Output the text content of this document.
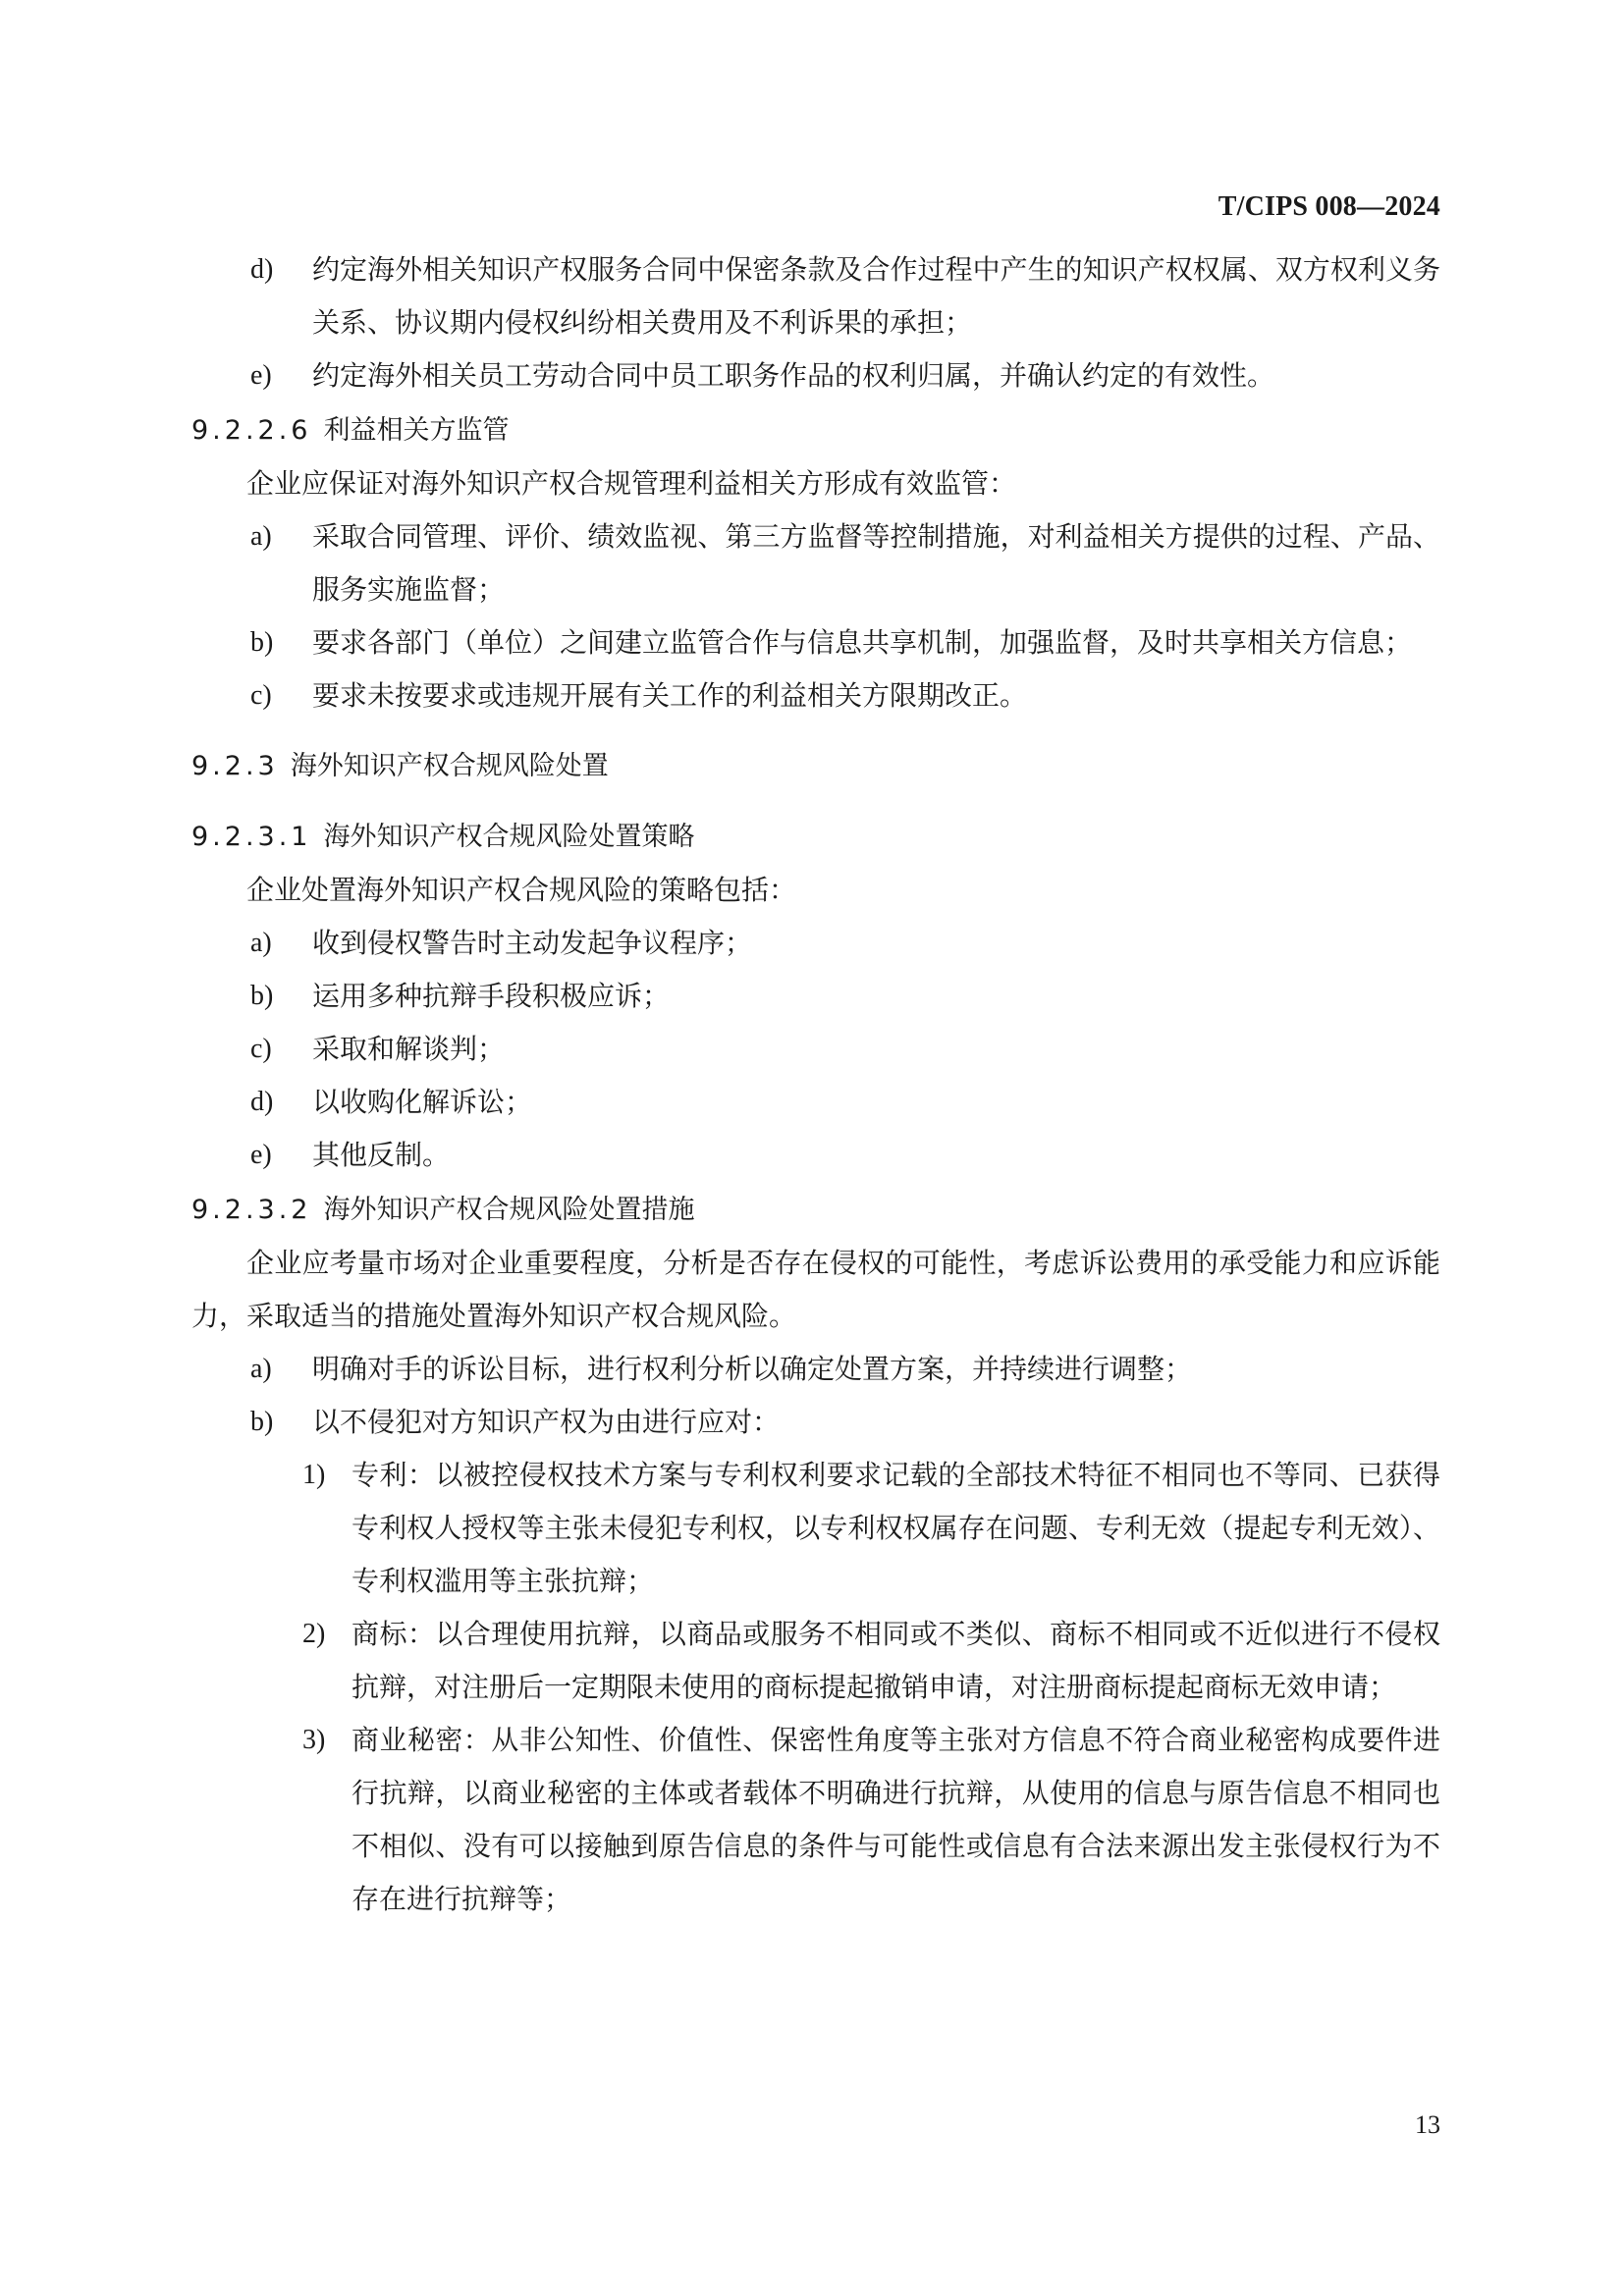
T/CIPS 008—2024
d)	约定海外相关知识产权服务合同中保密条款及合作过程中产生的知识产权权属、双方权利义务关系、协议期内侵权纠纷相关费用及不利诉果的承担；
e)	约定海外相关员工劳动合同中员工职务作品的权利归属，并确认约定的有效性。
9.2.2.6 利益相关方监管
企业应保证对海外知识产权合规管理利益相关方形成有效监管：
a)	采取合同管理、评价、绩效监视、第三方监督等控制措施，对利益相关方提供的过程、产品、服务实施监督；
b)	要求各部门（单位）之间建立监管合作与信息共享机制，加强监督，及时共享相关方信息；
c)	要求未按要求或违规开展有关工作的利益相关方限期改正。
9.2.3 海外知识产权合规风险处置
9.2.3.1 海外知识产权合规风险处置策略
企业处置海外知识产权合规风险的策略包括：
a)	收到侵权警告时主动发起争议程序；
b)	运用多种抗辩手段积极应诉；
c)	采取和解谈判；
d)	以收购化解诉讼；
e)	其他反制。
9.2.3.2 海外知识产权合规风险处置措施
企业应考量市场对企业重要程度，分析是否存在侵权的可能性，考虑诉讼费用的承受能力和应诉能力，采取适当的措施处置海外知识产权合规风险。
a)	明确对手的诉讼目标，进行权利分析以确定处置方案，并持续进行调整；
b)	以不侵犯对方知识产权为由进行应对：
1) 专利：以被控侵权技术方案与专利权利要求记载的全部技术特征不相同也不等同、已获得专利权人授权等主张未侵犯专利权，以专利权权属存在问题、专利无效（提起专利无效）、专利权滥用等主张抗辩；
2) 商标：以合理使用抗辩，以商品或服务不相同或不类似、商标不相同或不近似进行不侵权抗辩，对注册后一定期限未使用的商标提起撤销申请，对注册商标提起商标无效申请；
3) 商业秘密：从非公知性、价值性、保密性角度等主张对方信息不符合商业秘密构成要件进行抗辩，以商业秘密的主体或者载体不明确进行抗辩，从使用的信息与原告信息不相同也不相似、没有可以接触到原告信息的条件与可能性或信息有合法来源出发主张侵权行为不存在进行抗辩等；
13
